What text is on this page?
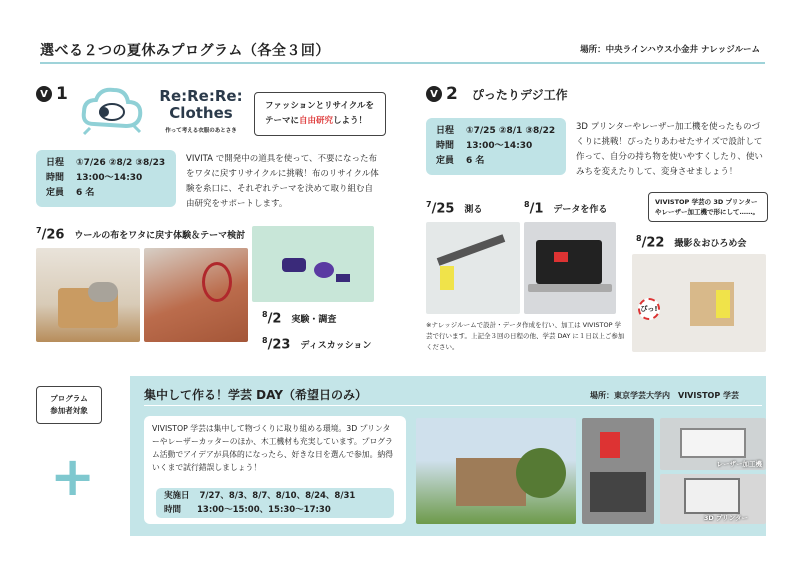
選べる２つの夏休みプログラム（各全３回）	場所：中央ラインハウス小金井 ナレッジルーム
V 1	Re:Re:Re: Clothes
作って考える衣服のあとさき
ファッションとリサイクルを
テーマに自由研究しよう！
日程 ①7/26 ②8/2 ③8/23
時間 13:00～14:30
定員 6 名
VIVITA で開発中の道具を使って、不要になった布をワタに戻すリサイクルに挑戦！布のリサイクル体験を糸口に、それぞれテーマを決めて取り組む自由研究をサポートします。
$^7$/26 ウールの布をワタに戻す体験＆テーマ検討
$^8$/2 実験・調査
$^8$/23 ディスカッション
V 2 ぴったりデジ工作
日程 ①7/25 ②8/1 ③8/22
時間 13:00～14:30
定員 6 名
3D プリンターやレーザー加工機を使ったものづくりに挑戦！ぴったりあわせたサイズで設計して作って、自分の持ち物を使いやすくしたり、使いみちを変えたりして、変身させましょう！
$^7$/25 測る
$^8$/1 データを作る
VIVISTOP 学芸の 3D プリンターやレーザー加工機で形にして……。
$^8$/22 撮影＆おひろめ会
ぴっ!
※ナレッジルームで設計・データ作成を行い、加工は VIVISTOP 学芸で行います。上記全３回の日程の他、学芸 DAY に１日以上ご参加ください。
プログラム
参加者対象
+
集中して作る！学芸 DAY（希望日のみ）	場所：東京学芸大学内　VIVISTOP 学芸
VIVISTOP 学芸は集中して物づくりに取り組める環境。3D プリンターやレーザーカッターのほか、木工機材も充実しています。プログラム活動でアイデアが具体的になったら、好きな日を選んで参加。納得いくまで試行錯誤しましょう！
実施日 7/27、8/3、8/7、8/10、8/24、8/31
時間 13:00～15:00、15:30～17:30
レーザー加工機
3D プリンター
